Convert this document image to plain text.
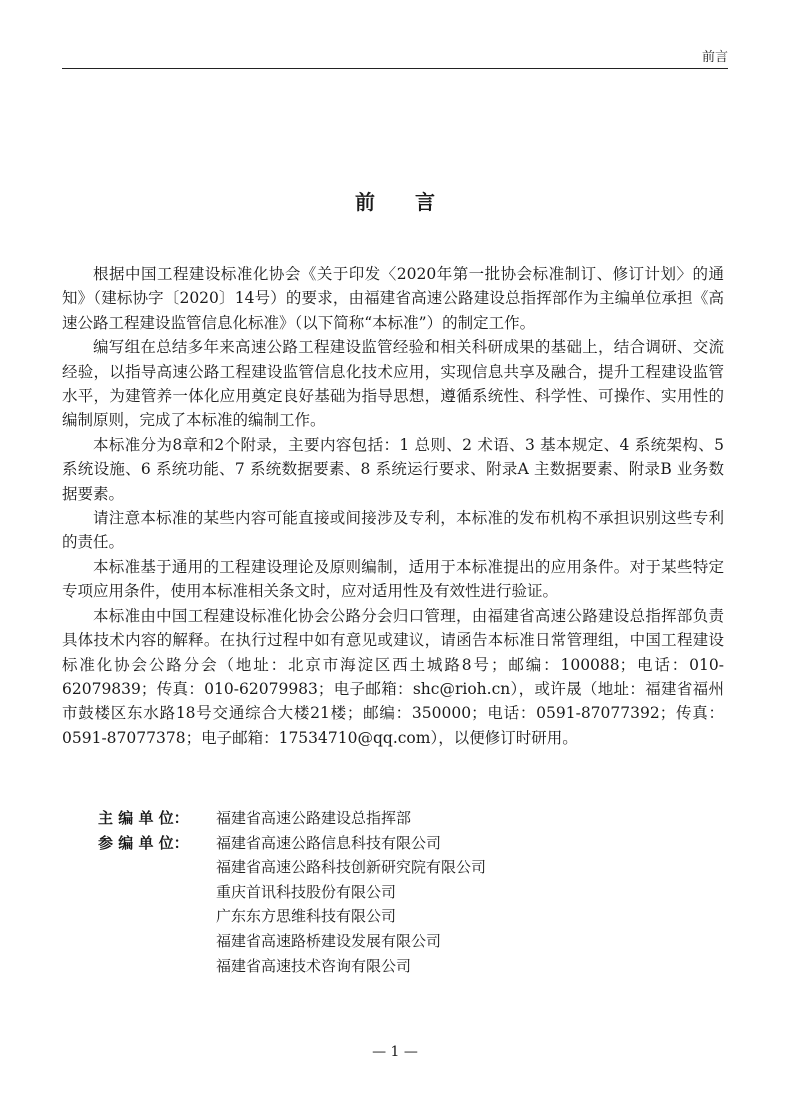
前言
前言

根据中国工程建设标准化协会《关于印发〈2020年第一批协会标准制订、修订计划〉的通知》（建标协字〔2020〕14号）的要求，由福建省高速公路建设总指挥部作为主编单位承担《高速公路工程建设监管信息化标准》（以下简称“本标准”）的制定工作。

编写组在总结多年来高速公路工程建设监管经验和相关科研成果的基础上，结合调研、交流经验，以指导高速公路工程建设监管信息化技术应用，实现信息共享及融合，提升工程建设监管水平，为建管养一体化应用奠定良好基础为指导思想，遵循系统性、科学性、可操作、实用性的编制原则，完成了本标准的编制工作。

本标准分为8章和2个附录，主要内容包括：1 总则、2 术语、3 基本规定、4 系统架构、5 系统设施、6 系统功能、7 系统数据要素、8 系统运行要求、附录A 主数据要素、附录B 业务数据要素。

请注意本标准的某些内容可能直接或间接涉及专利，本标准的发布机构不承担识别这些专利的责任。

本标准基于通用的工程建设理论及原则编制，适用于本标准提出的应用条件。对于某些特定专项应用条件，使用本标准相关条文时，应对适用性及有效性进行验证。

本标准由中国工程建设标准化协会公路分会归口管理，由福建省高速公路建设总指挥部负责具体技术内容的解释。在执行过程中如有意见或建议，请函告本标准日常管理组，中国工程建设标准化协会公路分会（地址：北京市海淀区西土城路8号；邮编：100088；电话：010-62079839；传真：010-62079983；电子邮箱：shc@rioh.cn），或许晟（地址：福建省福州市鼓楼区东水路18号交通综合大楼21楼；邮编：350000；电话：0591-87077392；传真：0591-87077378；电子邮箱：17534710@qq.com），以便修订时研用。

主 编 单 位：	福建省高速公路建设总指挥部
参 编 单 位：	福建省高速公路信息科技有限公司
福建省高速公路科技创新研究院有限公司
重庆首讯科技股份有限公司
广东东方思维科技有限公司
福建省高速路桥建设发展有限公司
福建省高速技术咨询有限公司
— 1 —
